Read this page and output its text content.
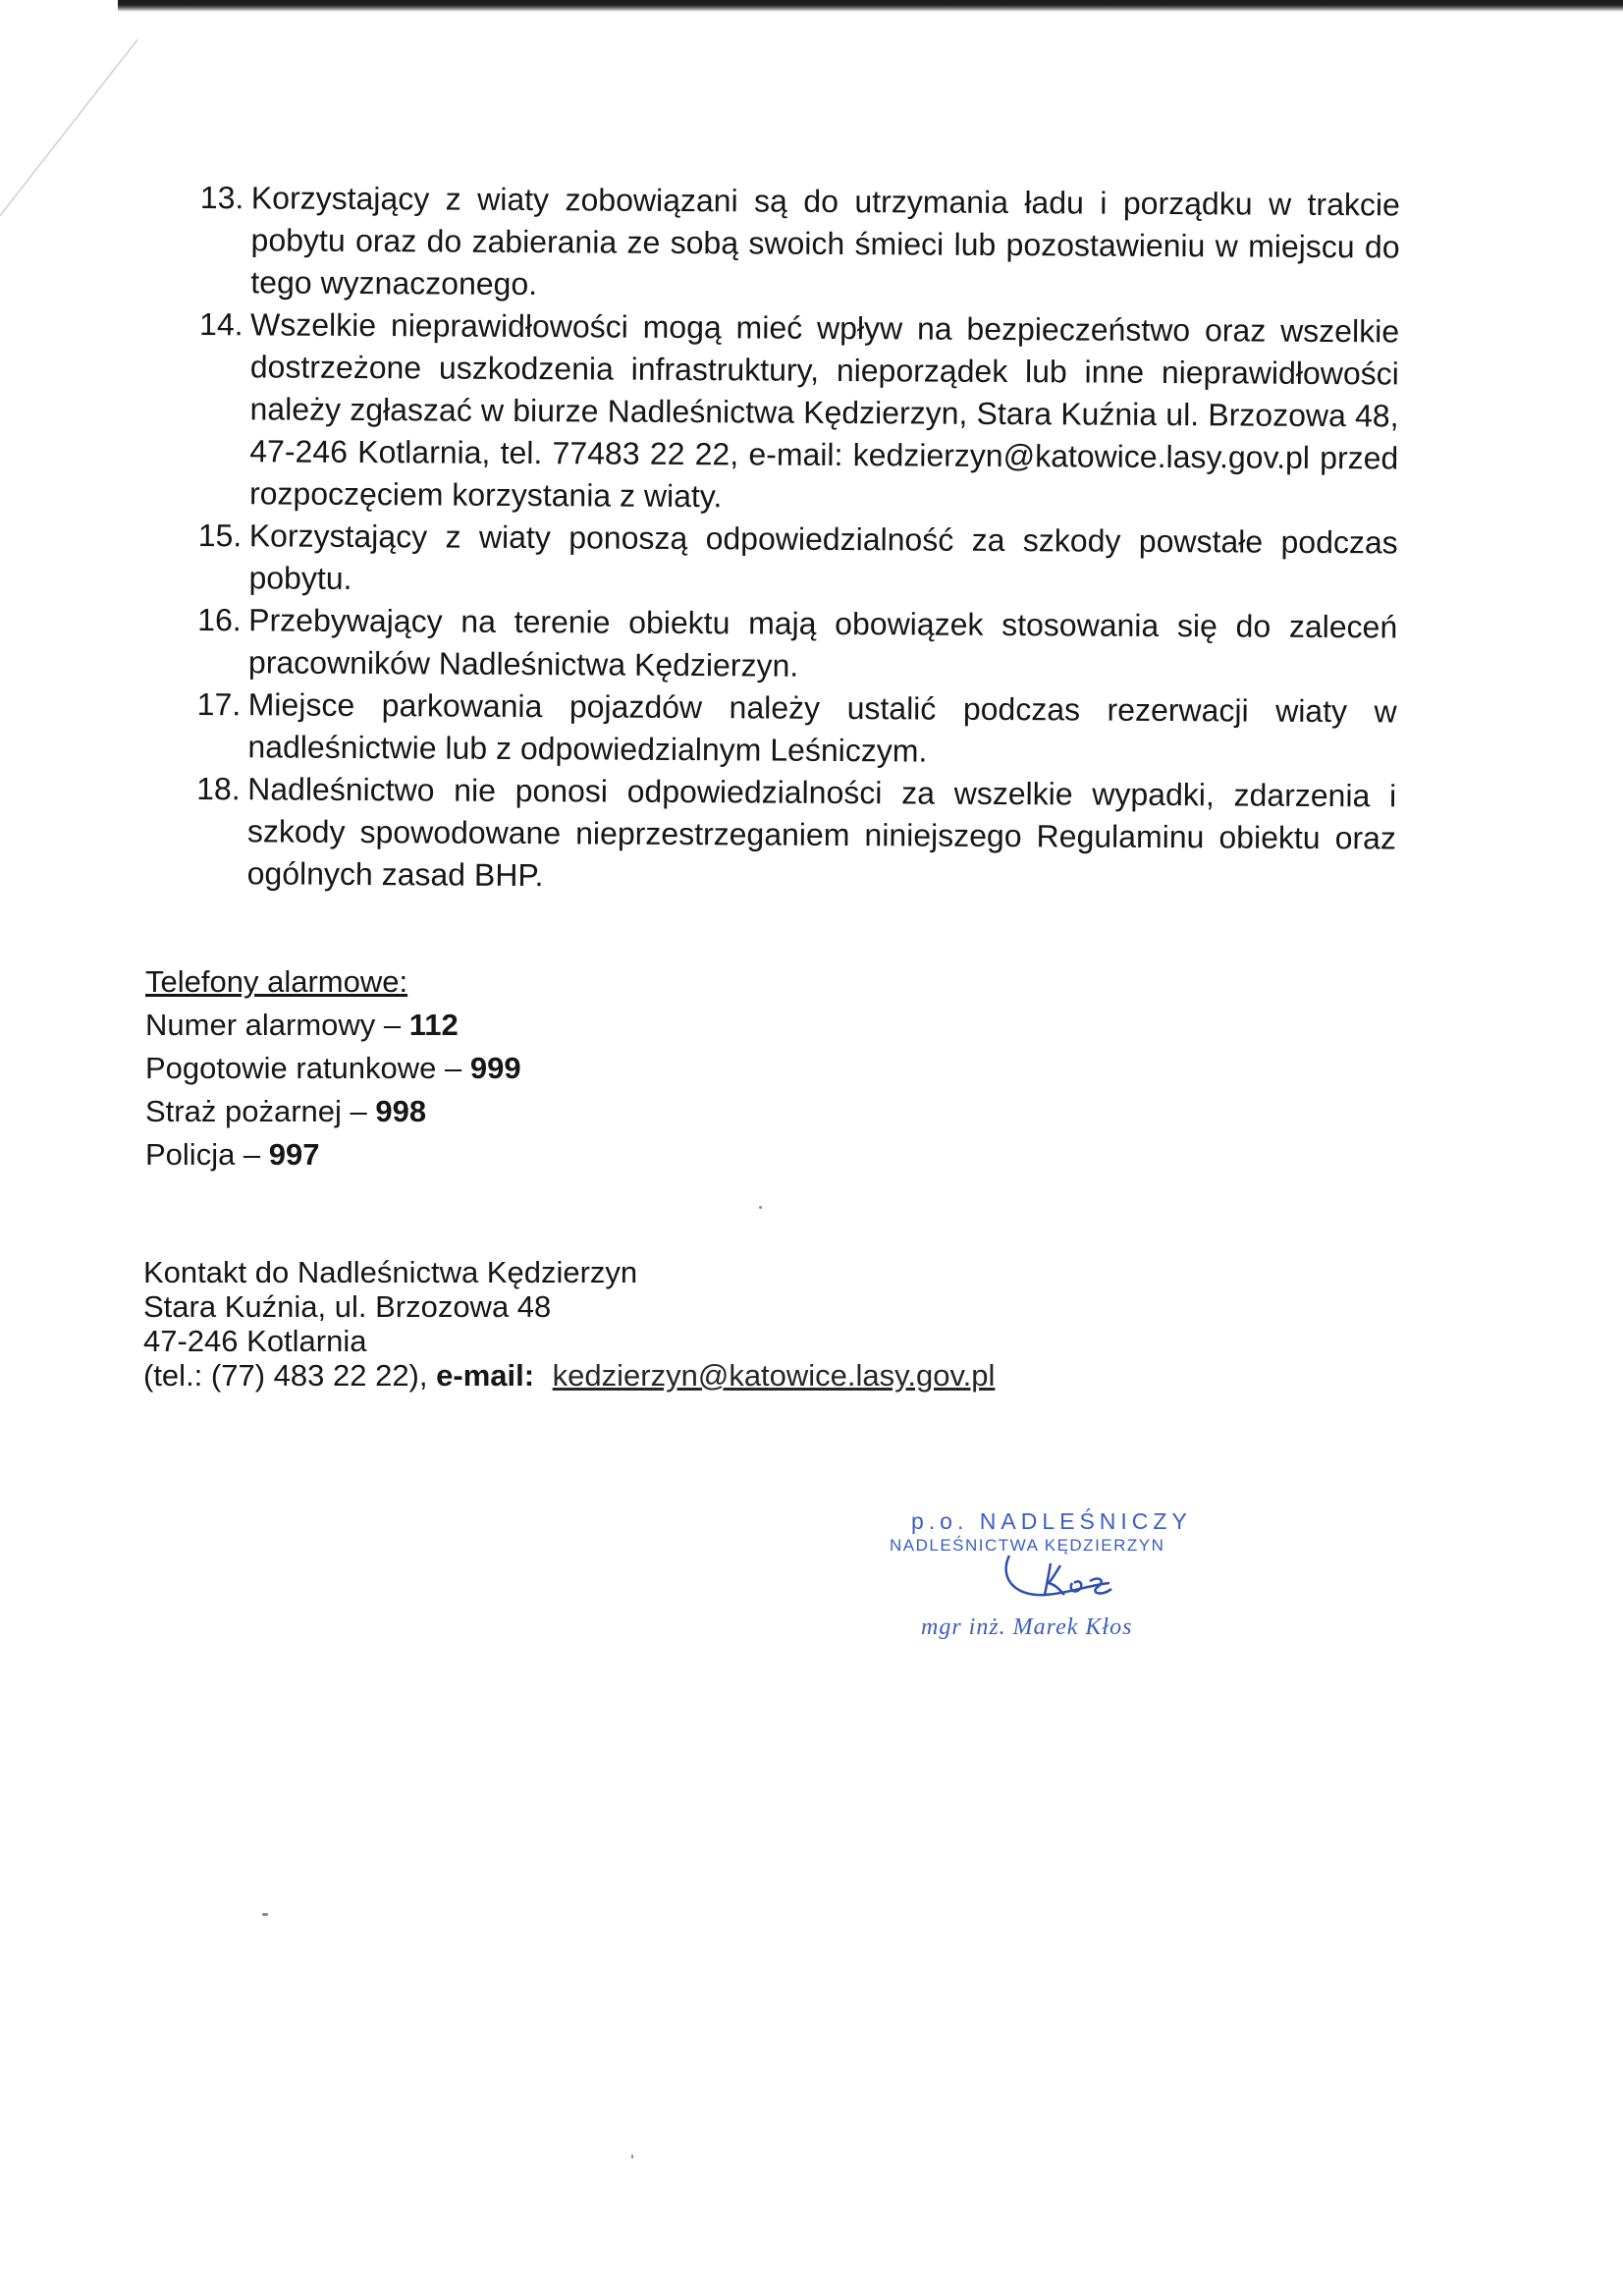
13. Korzystający z wiaty zobowiązani są do utrzymania ładu i porządku w trakcie pobytu oraz do zabierania ze sobą swoich śmieci lub pozostawieniu w miejscu do tego wyznaczonego.
14. Wszelkie nieprawidłowości mogą mieć wpływ na bezpieczeństwo oraz wszelkie dostrzeżone uszkodzenia infrastruktury, nieporządek lub inne nieprawidłowości należy zgłaszać w biurze Nadleśnictwa Kędzierzyn, Stara Kuźnia ul. Brzozowa 48, 47-246 Kotlarnia, tel. 77483 22 22, e-mail: kedzierzyn@katowice.lasy.gov.pl przed rozpoczęciem korzystania z wiaty.
15. Korzystający z wiaty ponoszą odpowiedzialność za szkody powstałe podczas pobytu.
16. Przebywający na terenie obiektu mają obowiązek stosowania się do zaleceń pracowników Nadleśnictwa Kędzierzyn.
17. Miejsce parkowania pojazdów należy ustalić podczas rezerwacji wiaty w nadleśnictwie lub z odpowiedzialnym Leśniczym.
18. Nadleśnictwo nie ponosi odpowiedzialności za wszelkie wypadki, zdarzenia i szkody spowodowane nieprzestrzeganiem niniejszego Regulaminu obiektu oraz ogólnych zasad BHP.
Telefony alarmowe:
Numer alarmowy – 112
Pogotowie ratunkowe – 999
Straż pożarnej – 998
Policja – 997
Kontakt do Nadleśnictwa Kędzierzyn
Stara Kuźnia, ul. Brzozowa 48
47-246 Kotlarnia
(tel.: (77) 483 22 22), e-mail: kedzierzyn@katowice.lasy.gov.pl
p.o. NADLEŚNICZY
NADLEŚNICTWA KĘDZIERZYN
mgr inż. Marek Kłos
